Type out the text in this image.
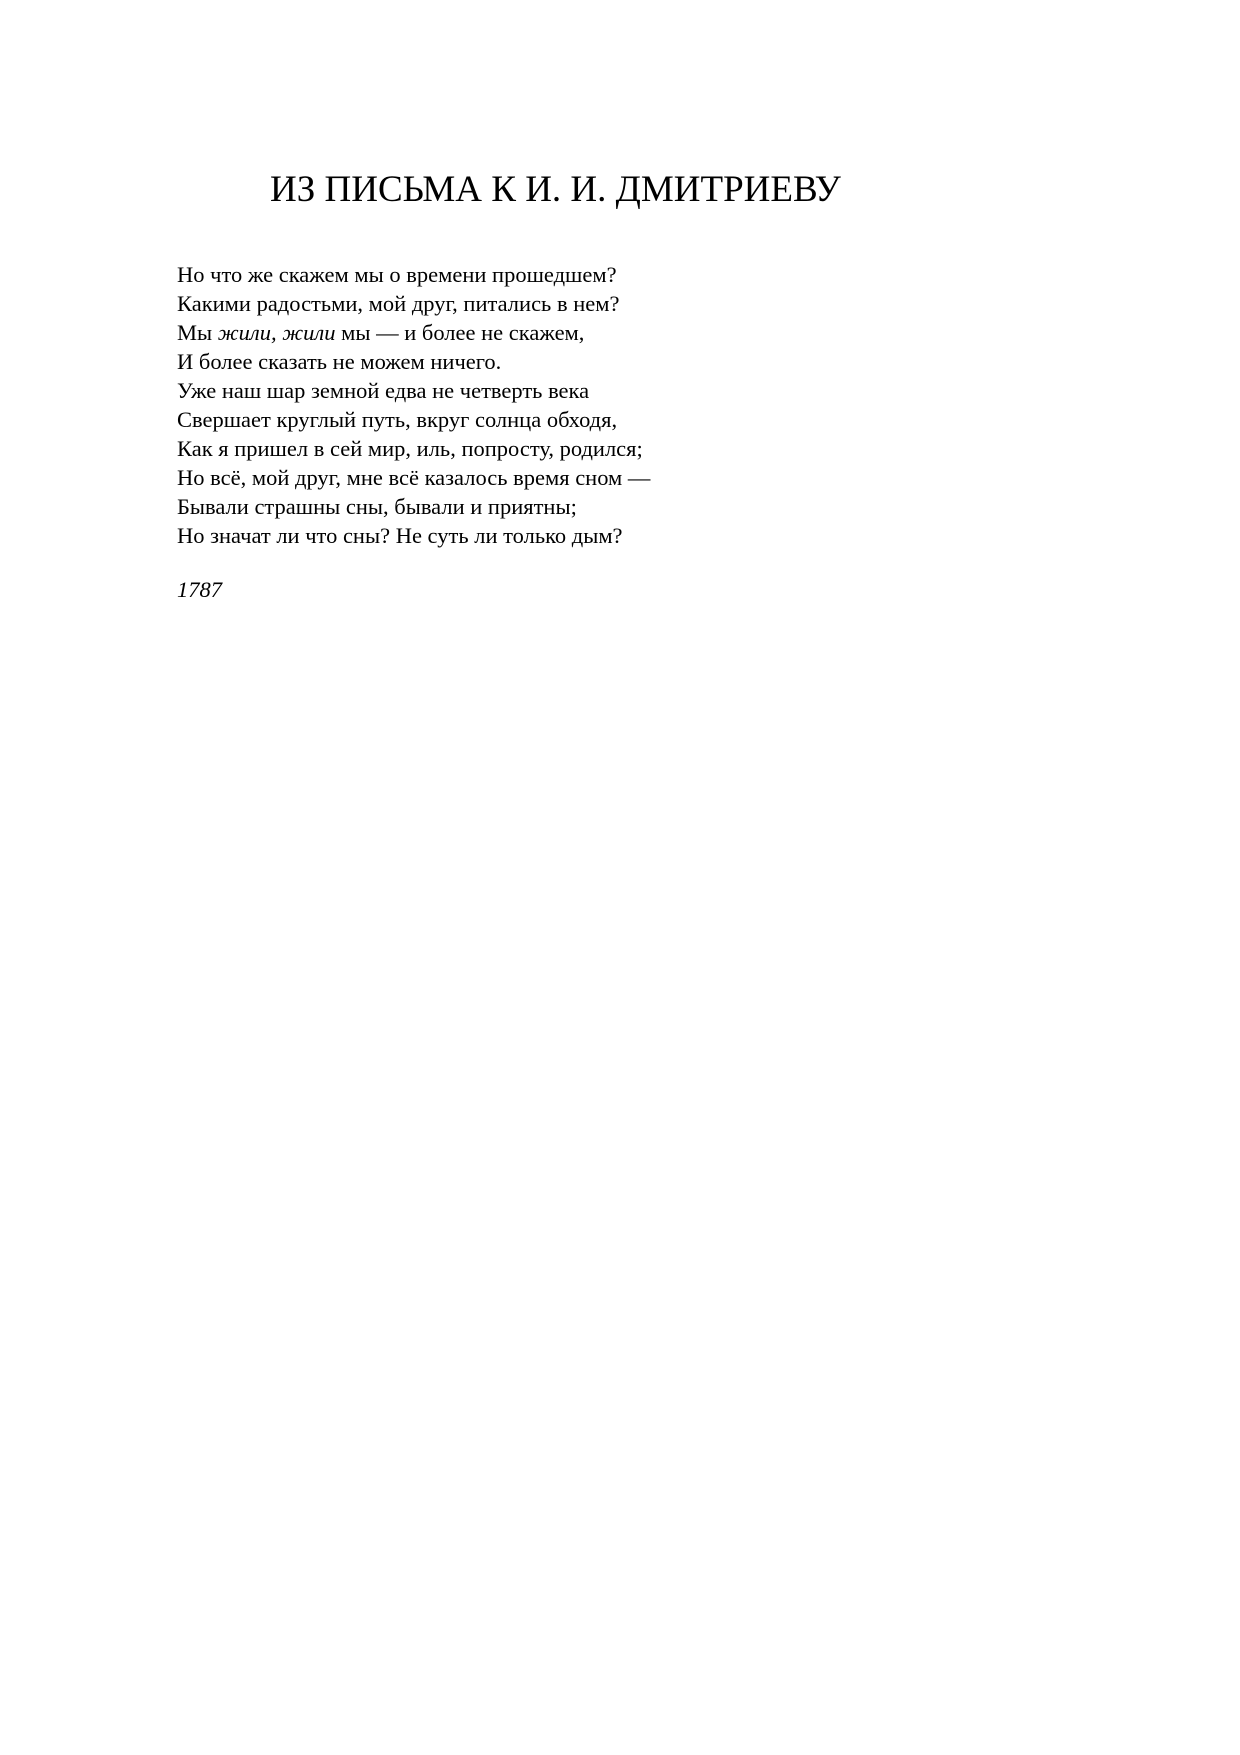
ИЗ ПИСЬМА К И. И. ДМИТРИЕВУ
Но что же скажем мы о времени прошедшем?
Какими радостьми, мой друг, питались в нем?
Мы жили, жили мы — и более не скажем,
И более сказать не можем ничего.
Уже наш шар земной едва не четверть века
Свершает круглый путь, вкруг солнца обходя,
Как я пришел в сей мир, иль, попросту, родился;
Но всё, мой друг, мне всё казалось время сном —
Бывали страшны сны, бывали и приятны;
Но значат ли что сны? Не суть ли только дым?

1787
